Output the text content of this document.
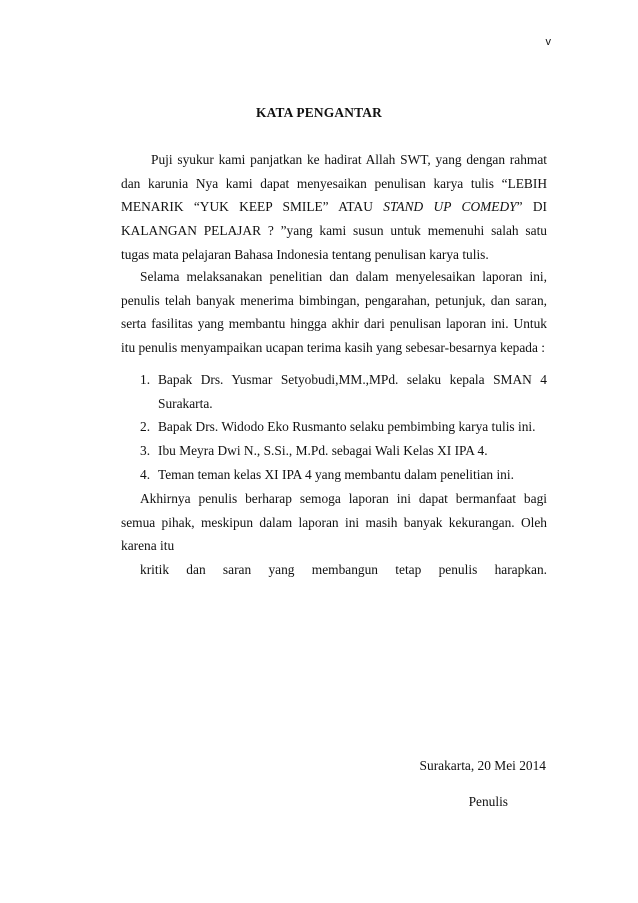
v
KATA PENGANTAR

Puji syukur kami panjatkan ke hadirat Allah SWT, yang dengan rahmat dan karunia Nya kami dapat menyesaikan penulisan karya tulis “LEBIH MENARIK “YUK KEEP SMILE” ATAU STAND UP COMEDY” DI KALANGAN PELAJAR ? ”yang kami susun untuk memenuhi salah satu tugas mata pelajaran Bahasa Indonesia tentang penulisan karya tulis.

Selama melaksanakan penelitian dan dalam menyelesaikan laporan ini, penulis telah banyak menerima bimbingan, pengarahan, petunjuk, dan saran, serta fasilitas yang membantu hingga akhir dari penulisan laporan ini. Untuk itu penulis menyampaikan ucapan terima kasih yang sebesar-besarnya kepada :

1. Bapak Drs. Yusmar Setyobudi,MM.,MPd. selaku kepala SMAN 4 Surakarta.
2. Bapak Drs. Widodo Eko Rusmanto selaku pembimbing karya tulis ini.
3. Ibu Meyra Dwi N., S.Si., M.Pd. sebagai Wali Kelas XI IPA 4.
4. Teman teman kelas XI IPA 4 yang membantu dalam penelitian ini.

Akhirnya penulis berharap semoga laporan ini dapat bermanfaat bagi semua pihak, meskipun dalam laporan ini masih banyak kekurangan. Oleh karena itu
kritik dan saran yang membangun tetap penulis harapkan.

Surakarta, 20 Mei 2014
Penulis
